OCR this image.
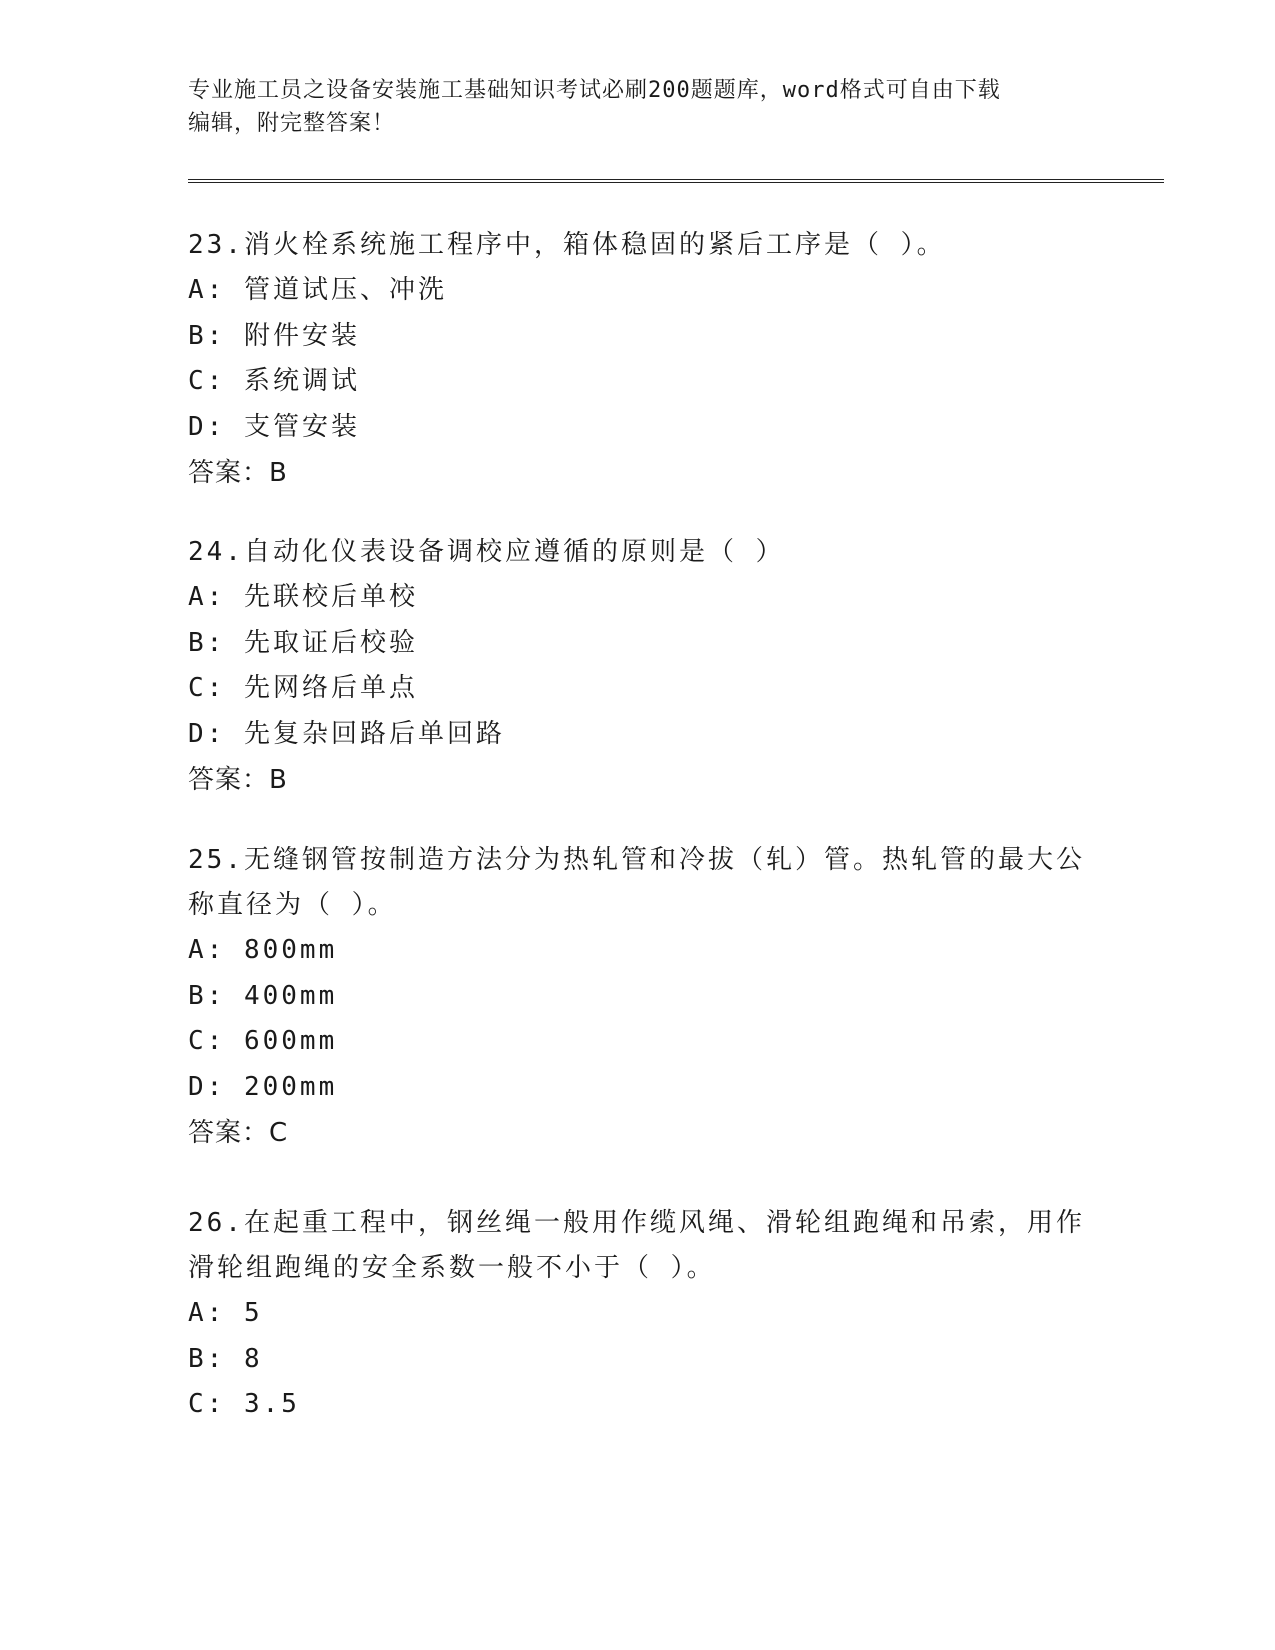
专业施工员之设备安装施工基础知识考试必刷200题题库，word格式可自由下载
编辑，附完整答案！

23.消火栓系统施工程序中，箱体稳固的紧后工序是（ ）。

A: 管道试压、冲洗

B: 附件安装

C: 系统调试

D: 支管安装

答案：B

24.自动化仪表设备调校应遵循的原则是（ ）

A: 先联校后单校

B: 先取证后校验

C: 先网络后单点

D: 先复杂回路后单回路

答案：B

25.无缝钢管按制造方法分为热轧管和冷拔（轧）管。热轧管的最大公

称直径为（ ）。

A: 800mm

B: 400mm

C: 600mm

D: 200mm

答案：C

26.在起重工程中，钢丝绳一般用作缆风绳、滑轮组跑绳和吊索，用作

滑轮组跑绳的安全系数一般不小于（ ）。

A: 5

B: 8

C: 3.5
